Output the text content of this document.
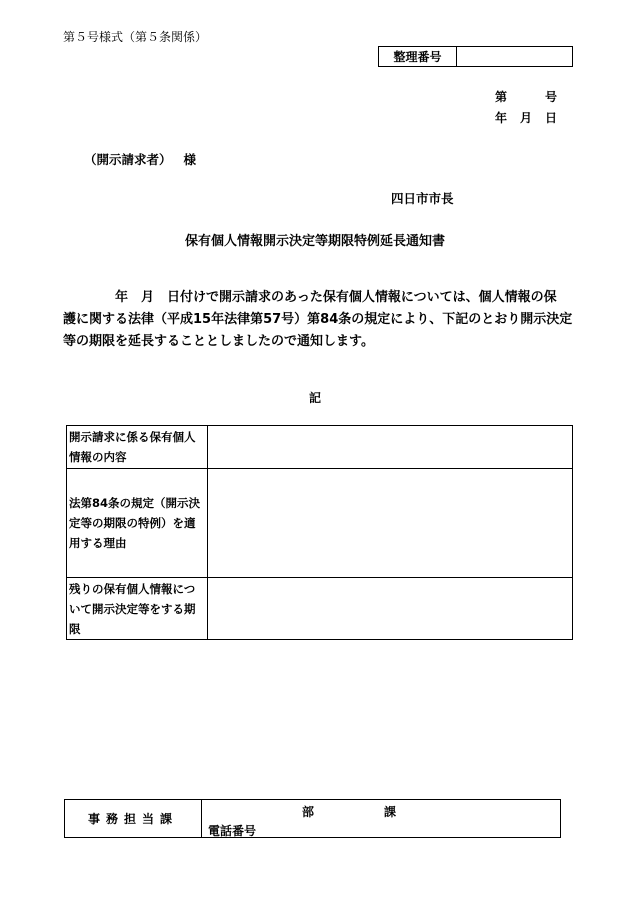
第５号様式（第５条関係）
整理番号	
第	号
年 月 日
（開示請求者） 様
四日市市長
保有個人情報開示決定等期限特例延長通知書
　　　　年　月　日付けで開示請求のあった保有個人情報については、個人情報の保
護に関する法律（平成15年法律第57号）第84条の規定により、下記のとおり開示決定
等の期限を延長することとしましたので通知します。
記
開示請求に係る保有個人
情報の内容	

法第84条の規定（開示決
定等の期限の特例）を適
用する理由	

残りの保有個人情報につ
いて開示決定等をする期
限	

事務担当課	部	課
電話番号
